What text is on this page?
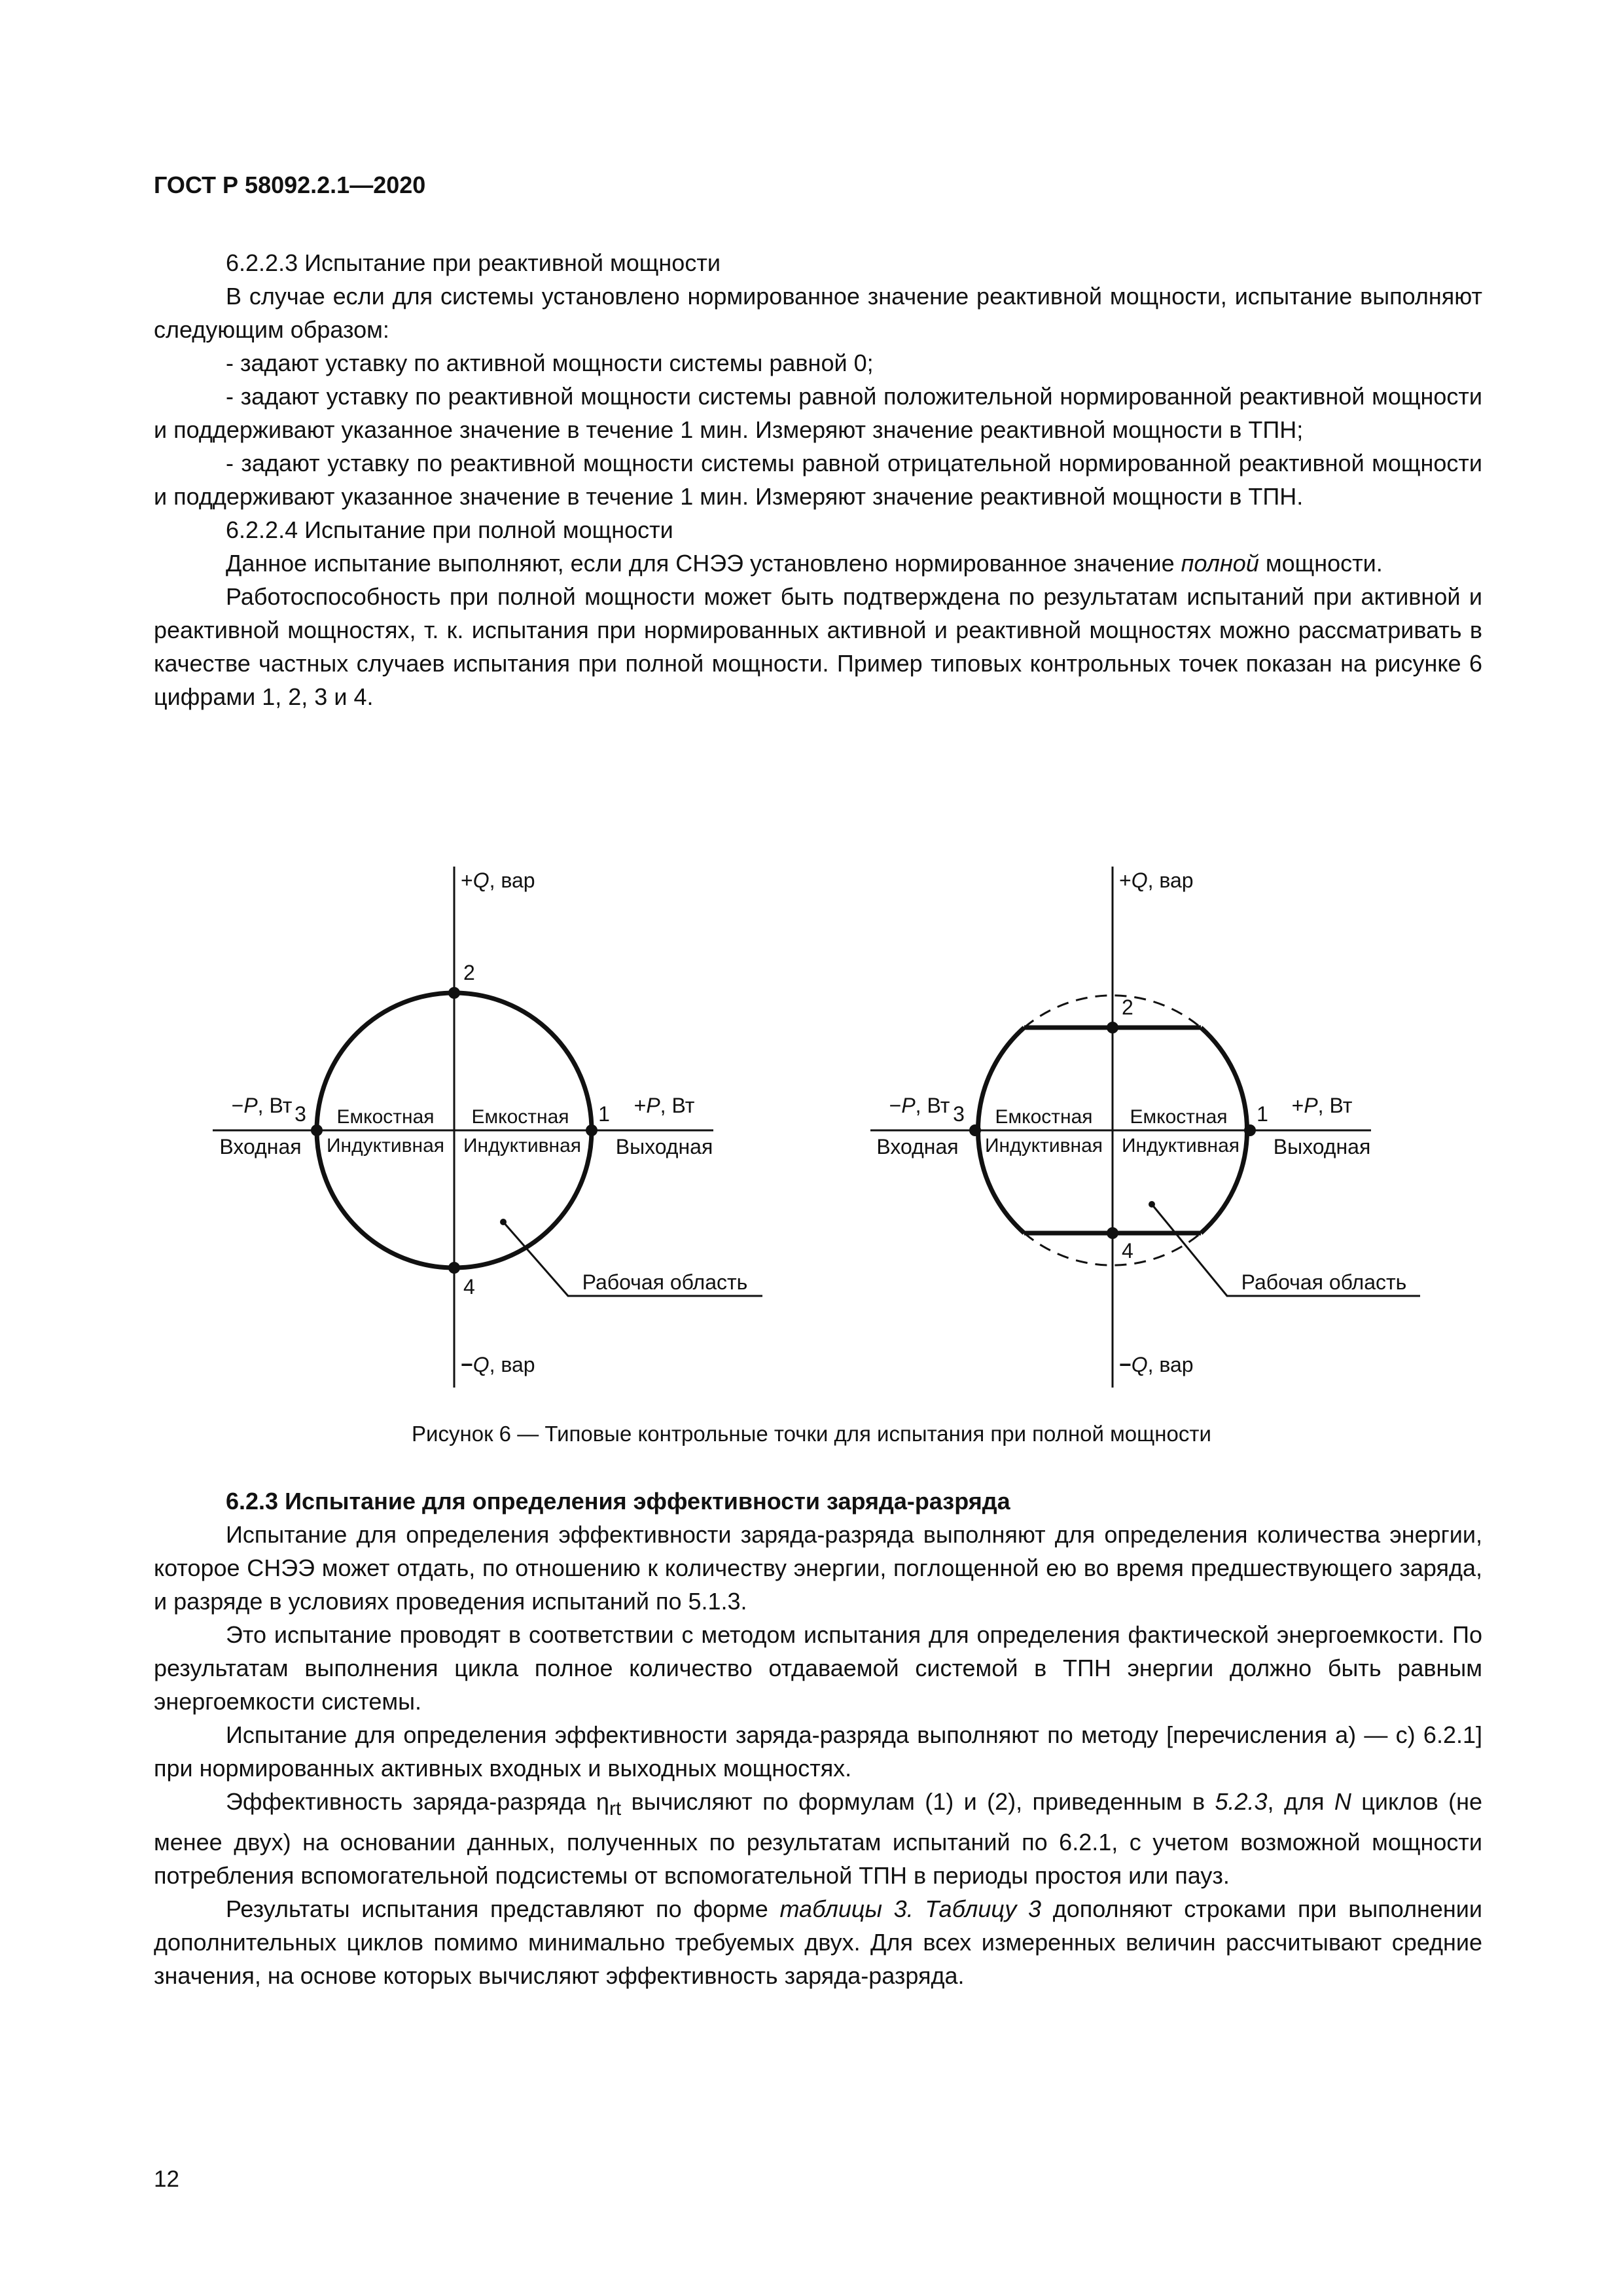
ГОСТ Р 58092.2.1—2020

6.2.2.3 Испытание при реактивной мощности

В случае если для системы установлено нормированное значение реактивной мощности, испытание выполняют следующим образом:

- задают уставку по активной мощности системы равной 0;

- задают уставку по реактивной мощности системы равной положительной нормированной реактивной мощности и поддерживают указанное значение в течение 1 мин. Измеряют значение реактивной мощности в ТПН;

- задают уставку по реактивной мощности системы равной отрицательной нормированной реактивной мощности и поддерживают указанное значение в течение 1 мин. Измеряют значение реактивной мощности в ТПН.

6.2.2.4 Испытание при полной мощности

Данное испытание выполняют, если для СНЭЭ установлено нормированное значение полной мощности.

Работоспособность при полной мощности может быть подтверждена по результатам испытаний при активной и реактивной мощностях, т. к. испытания при нормированных активной и реактивной мощностях можно рассматривать в качестве частных случаев испытания при полной мощности. Пример типовых контрольных точек показан на рисунке 6 цифрами 1, 2, 3 и 4.

+Q, вар
−Q, вар
−P, Вт	+P, Вт
Входная	Выходная
2
4
3	1
Емкостная Емкостная
Индуктивная Индуктивная
Рабочая область
+Q, вар
−Q, вар
−P, Вт	+P, Вт
Входная	Выходная
2
4
3	1
Емкостная Емкостная
Индуктивная Индуктивная
Рабочая область

Рисунок 6 — Типовые контрольные точки для испытания при полной мощности

6.2.3 Испытание для определения эффективности заряда-разряда

Испытание для определения эффективности заряда-разряда выполняют для определения количества энергии, которое СНЭЭ может отдать, по отношению к количеству энергии, поглощенной ею во время предшествующего заряда, и разряде в условиях проведения испытаний по 5.1.3.

Это испытание проводят в соответствии с методом испытания для определения фактической энергоемкости. По результатам выполнения цикла полное количество отдаваемой системой в ТПН энергии должно быть равным энергоемкости системы.

Испытание для определения эффективности заряда-разряда выполняют по методу [перечисления а) — с) 6.2.1] при нормированных активных входных и выходных мощностях.

Эффективность заряда-разряда $\eta_{rt}$ вычисляют по формулам (1) и (2), приведенным в 5.2.3, для N циклов (не менее двух) на основании данных, полученных по результатам испытаний по 6.2.1, с учетом возможной мощности потребления вспомогательной подсистемы от вспомогательной ТПН в периоды простоя или пауз.

Результаты испытания представляют по форме таблицы 3. Таблицу 3 дополняют строками при выполнении дополнительных циклов помимо минимально требуемых двух. Для всех измеренных величин рассчитывают средние значения, на основе которых вычисляют эффективность заряда-разряда.

12
